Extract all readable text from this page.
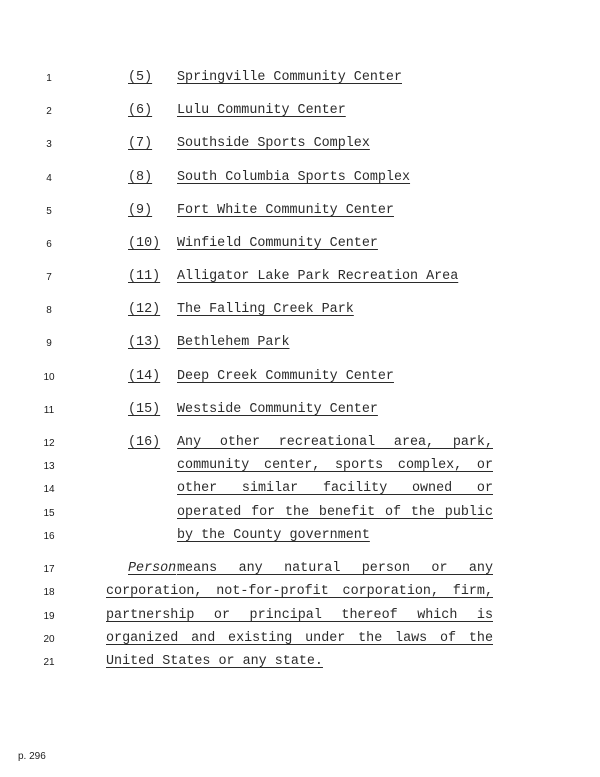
1
2
3
4
5
6
7
8
9
10
11
12
13
14
15
16
17
18
19
20
21
(5) Springville Community Center
(6) Lulu Community Center
(7) Southside Sports Complex
(8) South Columbia Sports Complex
(9) Fort White Community Center
(10) Winfield Community Center
(11) Alligator Lake Park Recreation Area
(12) The Falling Creek Park
(13) Bethlehem Park
(14) Deep Creek Community Center
(15) Westside Community Center
(16) Any other recreational area, park,
community center, sports complex, or
other similar facility owned or
operated for the benefit of the public
by the County government
Person means any natural person or any
corporation, not-for-profit corporation, firm,
partnership or principal thereof which is
organized and existing under the laws of the
United States or any state.
p. 296
